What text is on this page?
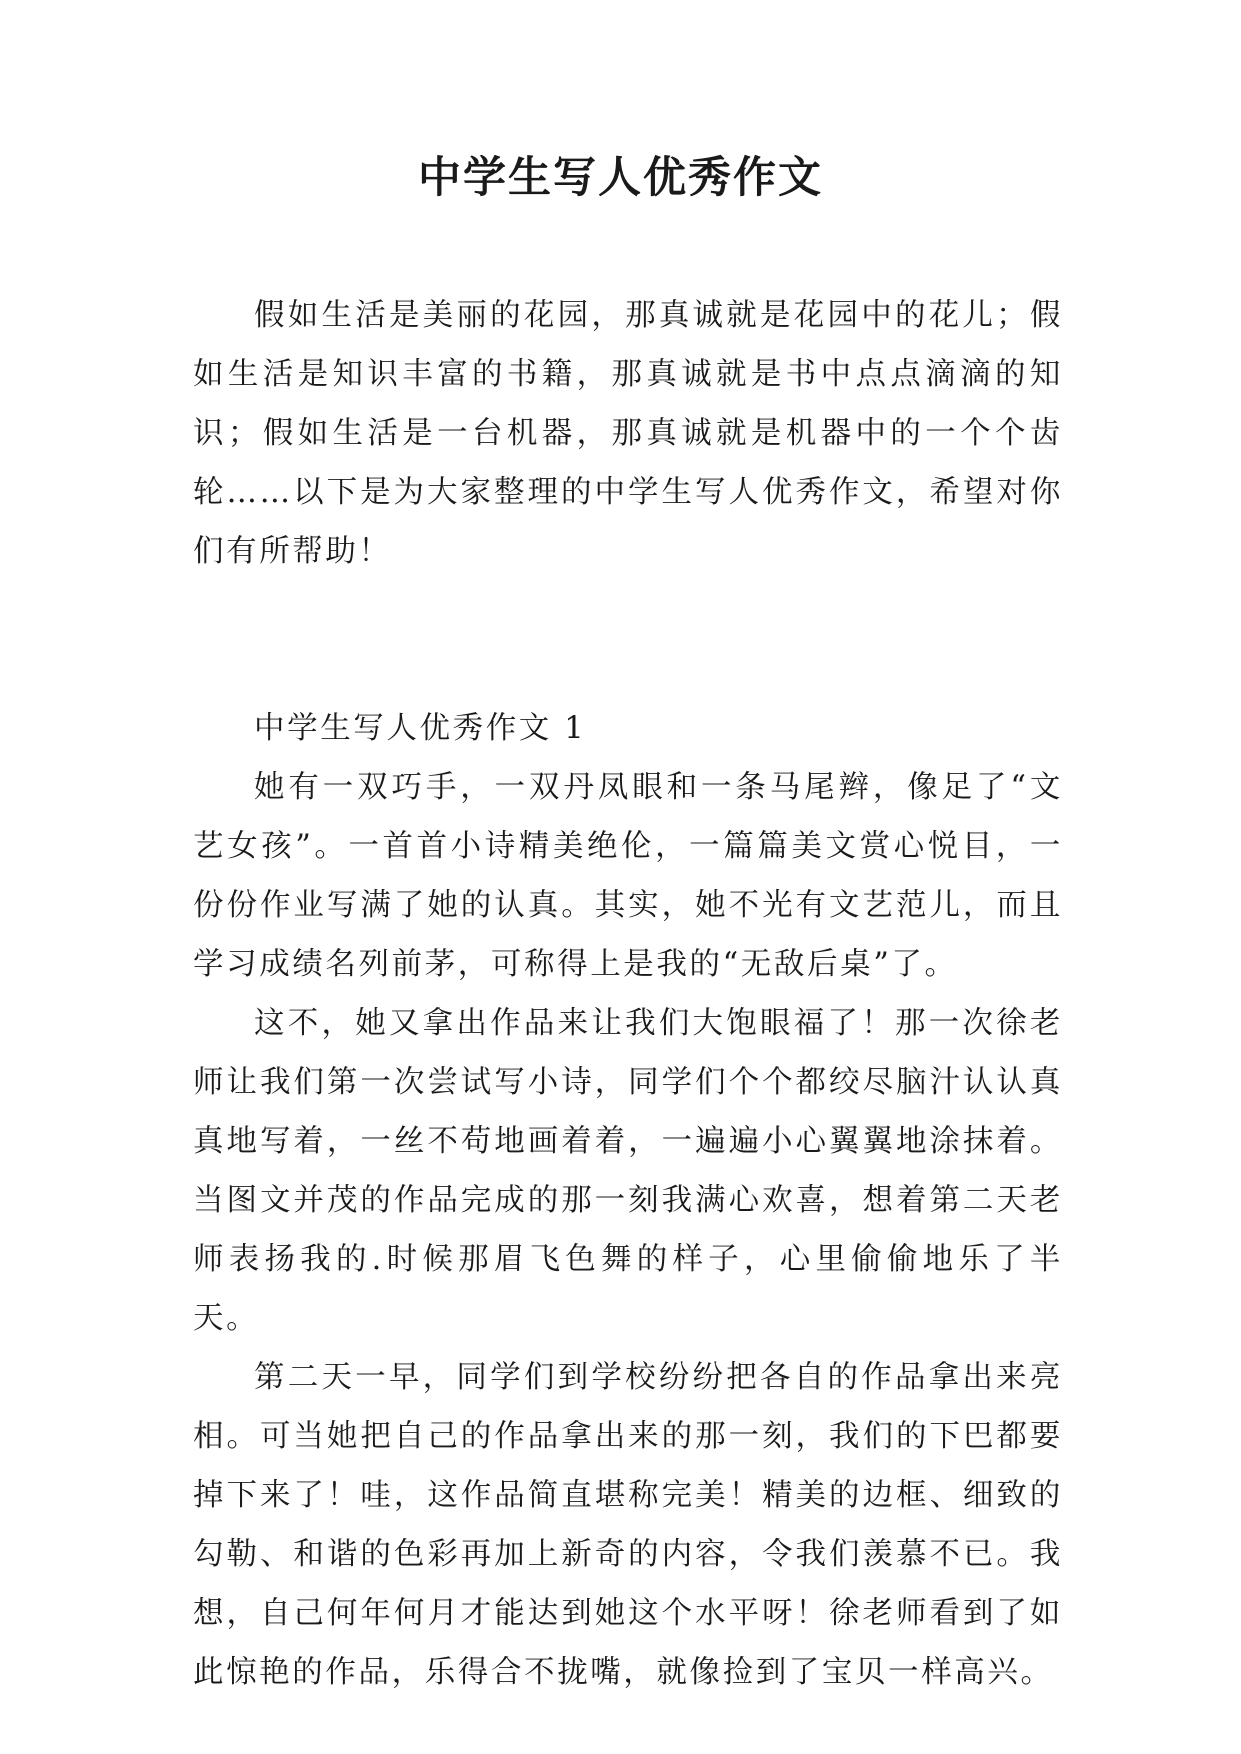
中学生写人优秀作文

假如生活是美丽的花园，那真诚就是花园中的花儿；假如生活是知识丰富的书籍，那真诚就是书中点点滴滴的知识；假如生活是一台机器，那真诚就是机器中的一个个齿轮……以下是为大家整理的中学生写人优秀作文，希望对你们有所帮助！

中学生写人优秀作文 1

她有一双巧手，一双丹凤眼和一条马尾辫，像足了“文艺女孩”。一首首小诗精美绝伦，一篇篇美文赏心悦目，一份份作业写满了她的认真。其实，她不光有文艺范儿，而且学习成绩名列前茅，可称得上是我的“无敌后桌”了。

这不，她又拿出作品来让我们大饱眼福了！那一次徐老师让我们第一次尝试写小诗，同学们个个都绞尽脑汁认认真真地写着，一丝不苟地画着着，一遍遍小心翼翼地涂抹着。当图文并茂的作品完成的那一刻我满心欢喜，想着第二天老师表扬我的.时候那眉飞色舞的样子，心里偷偷地乐了半天。

第二天一早，同学们到学校纷纷把各自的作品拿出来亮相。可当她把自己的作品拿出来的那一刻，我们的下巴都要掉下来了！哇，这作品简直堪称完美！精美的边框、细致的勾勒、和谐的色彩再加上新奇的内容，令我们羡慕不已。我想，自己何年何月才能达到她这个水平呀！徐老师看到了如此惊艳的作品，乐得合不拢嘴，就像捡到了宝贝一样高兴。
